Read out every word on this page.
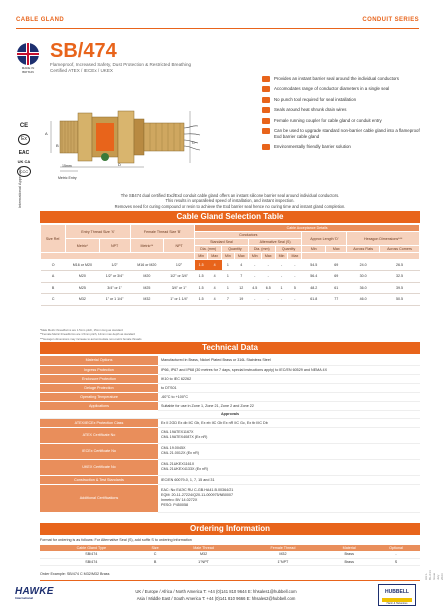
CABLE GLAND	CONDUIT SERIES
MADE IN BRITAIN
SB/474
Flameproof, Increased Safety, Dust Protection & Restricted Breathing
Certified ATEX / IECEx / UKEX
CE
Ex
EAC
UK CA
CCC
International Approvals
A
B
C
D
15mm
Metric Entry
Provides an instant barrier seal around the individual conductors
Accomodates range of conductor diameters in a single seal
No punch tool required for seal installation
Seals around heat shrunk drain wires
Female running coupler for cable gland or conduit entry
Can be used to upgrade standard non-barrier cable gland into a flameproof Exd barrier cable gland
Environmentally friendly barrier solution
The SB474 dual certified Exd/Exd conduit cable gland offers an instant silicone barrier seal around individual conductors.
This results in unparalleled speed of installation, and instant inspection.
Removes need for curing compound or resin to achieve the Exd barrier seal hence no curing time and instant gland completion.
Cable Gland Selection Table
Size Ref.	Entry Thread Size 'X'		Female Thread Size 'B'		Cable Acceptance Details											
					Conductors								Approx Length 'D'		Hexagon Dimensions***	
	Metric*	NPT	Metric**	NPT	Standard Seal				Alternative Seal (S)							
					Dia. (mm)		Quantity		Dia. (mm)		Quantity		Min	Max	Across Flats	Across Corners
					Min	Max	Min	Max	Min	Max	Min	Max				
O	M16 or M20	1/2"	M16 or M20	1/2"	1.5	4	1	4	-	-	-	-	54.5	69	24.0	26.5
A	M20	1/2" or 3/4"	M20	1/2" or 3/4"	1.5	4	1	7	-	-	-	-	56.4	69	30.0	32.5
B	M25	3/4" or 1"	M25	3/4" or 1"	1.5	4	1	12	4.5	6.5	1	5	48.2	61	36.0	39.5
C	M32	1" or 1 1/4"	M32	1" or 1 1/4"	1.5	4	7	19	-	-	-	-	61.8	77	46.0	50.5
*Male Metric threadforms are 1.5mm pitch, 15mm long as standard
**Female Metric threadforms are 1.5mm pitch, 14mm max depth as standard
***Hexagon dimensions may increase to accommodate non-metric female threads
Technical Data
Material Options	Manufactured in Brass, Nickel Plated Brass or 316L Stainless Steel
Ingress Protection	IP66, IP67 and IP68 (30 metres for 7 days, special instructions apply) to IEC/EN 60529 and NEMA 4X
Enclosure Protection	IK10 to IEC 62262
Deluge Protection	to DTS01
Operating Temperature	-60°C to +100°C
Applications	Suitable for use in Zone 1, Zone 21, Zone 2 and Zone 22
Approvals	
ATEX/IECEx Protection Class	Ex II 2GD Ex db IIC Gb, Ex eb IIC Gb Ex nR IIC Gc, Ex tb IIIC Db
ATEX Certificate No	CML 19ATEX1167X
CML 19ATEX4087X (Ex nR)
IECEx Certificate No	CML 19.0045X
CML 21.0012X (Ex nR)
UKEX Certificate No	CML 21UKEX1161X
CML 21UKEX4133X (Ex nR)
Construction & Test Standards	IEC/EN 60079-0, 1, 7, 15 and 31
Additional Certifications	EAC: No EAЭС RU C-GB.HA41.B.00364/21
EQM: 20-11-27224/Q20-11-000975/NB0007
Inmetro: BV 14.0272X
PESO: P450058
Ordering Information
Format for ordering is as follows: For Alternative Seal (S), add suffix S to ordering information
Cable Gland Type	Size	Male Thread	Female Thread	Material	Optional
SB/474	C	M32	M32	Brass	-
SB/474	B	1"NPT	1"NPT	Brass	S
Order Example: SB/474 C M32/M32 Brass
HAWKE
International
UK / Europe / Africa / North America T: +44 (0)141 810 9644 E: hhsales1@hubbell.com
Asia / Middle East / South America T: +44 (0)141 810 9666 E: hhsales2@hubbell.com
HUBBELL
Harsh & Hazardous
HH1-BL-014 Issue July 2023
